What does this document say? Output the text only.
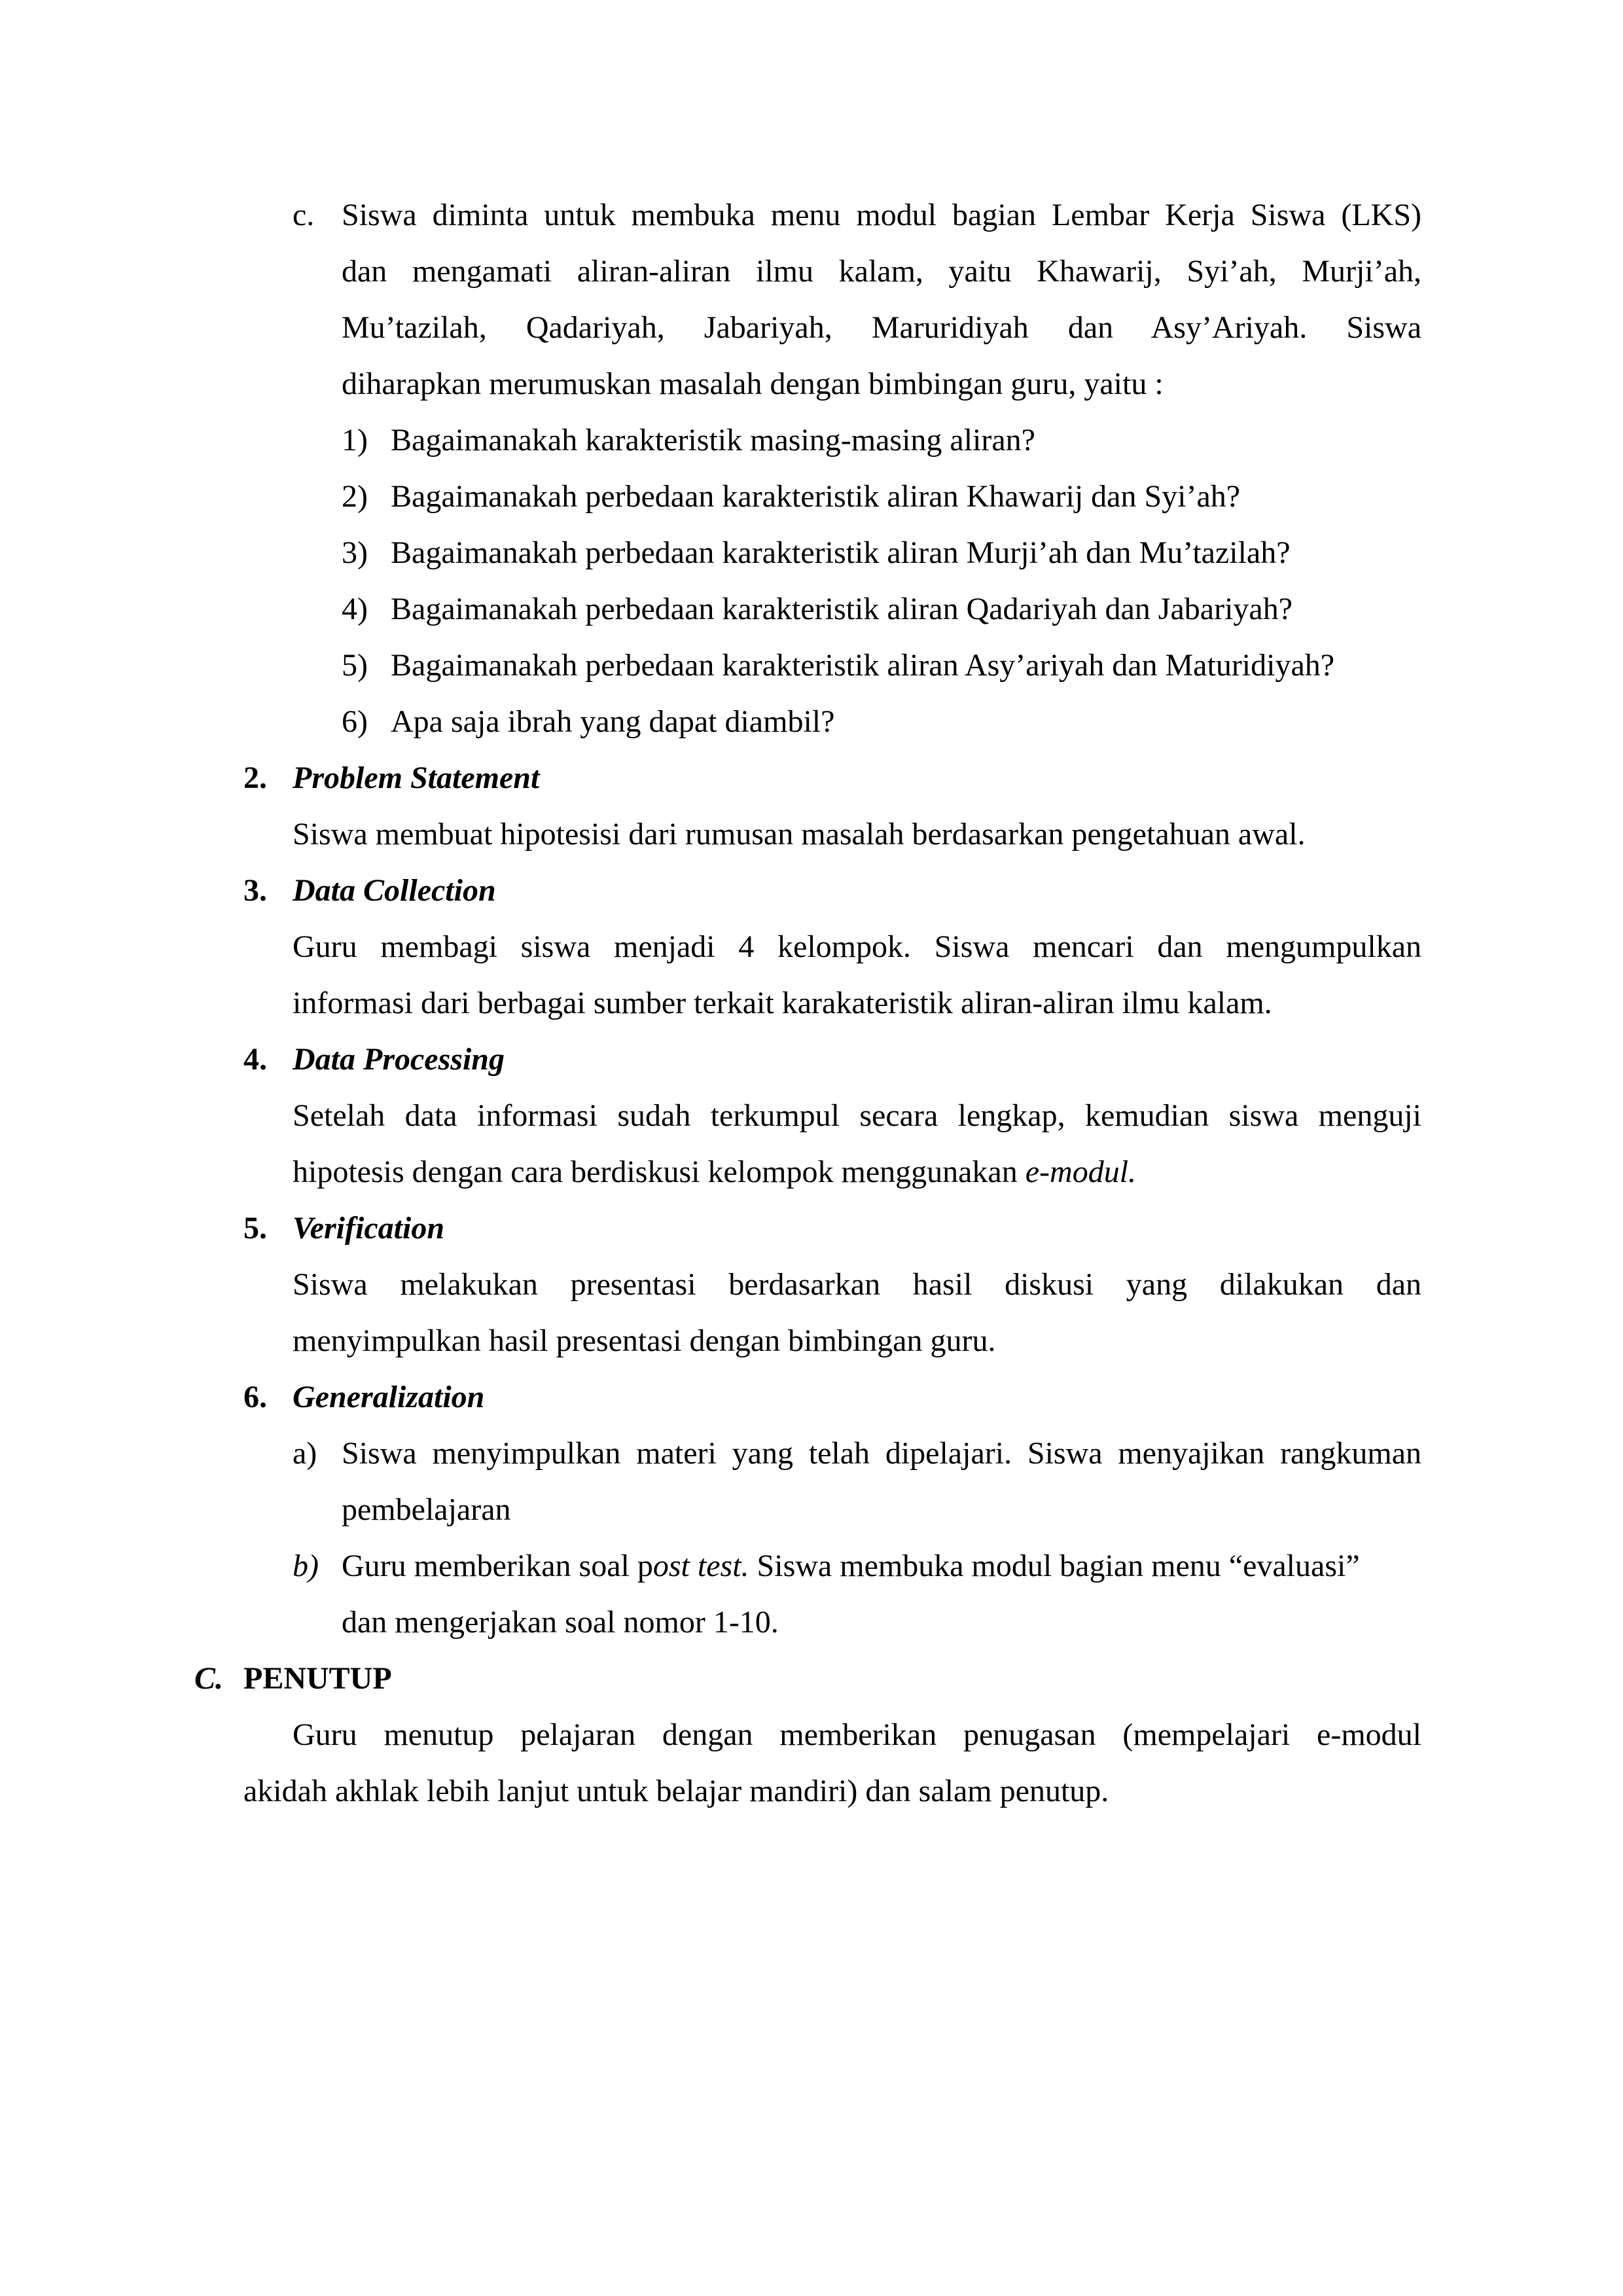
c. Siswa diminta untuk membuka menu modul bagian Lembar Kerja Siswa (LKS)
dan mengamati aliran-aliran ilmu kalam, yaitu Khawarij, Syi’ah, Murji’ah,
Mu’tazilah, Qadariyah, Jabariyah, Maruridiyah dan Asy’Ariyah. Siswa
diharapkan merumuskan masalah dengan bimbingan guru, yaitu :
1) Bagaimanakah karakteristik masing-masing aliran?
2) Bagaimanakah perbedaan karakteristik aliran Khawarij dan Syi’ah?
3) Bagaimanakah perbedaan karakteristik aliran Murji’ah dan Mu’tazilah?
4) Bagaimanakah perbedaan karakteristik aliran Qadariyah dan Jabariyah?
5) Bagaimanakah perbedaan karakteristik aliran Asy’ariyah dan Maturidiyah?
6) Apa saja ibrah yang dapat diambil?
2. Problem Statement
Siswa membuat hipotesisi dari rumusan masalah berdasarkan pengetahuan awal.
3. Data Collection
Guru membagi siswa menjadi 4 kelompok. Siswa mencari dan mengumpulkan
informasi dari berbagai sumber terkait karakateristik aliran-aliran ilmu kalam.
4. Data Processing
Setelah data informasi sudah terkumpul secara lengkap, kemudian siswa menguji
hipotesis dengan cara berdiskusi kelompok menggunakan e-modul.
5. Verification
Siswa melakukan presentasi berdasarkan hasil diskusi yang dilakukan dan
menyimpulkan hasil presentasi dengan bimbingan guru.
6. Generalization
a) Siswa menyimpulkan materi yang telah dipelajari. Siswa menyajikan rangkuman
pembelajaran
b) Guru memberikan soal post test. Siswa membuka modul bagian menu “evaluasi”
dan mengerjakan soal nomor 1-10.
C. PENUTUP
Guru menutup pelajaran dengan memberikan penugasan (mempelajari e-modul
akidah akhlak lebih lanjut untuk belajar mandiri) dan salam penutup.
